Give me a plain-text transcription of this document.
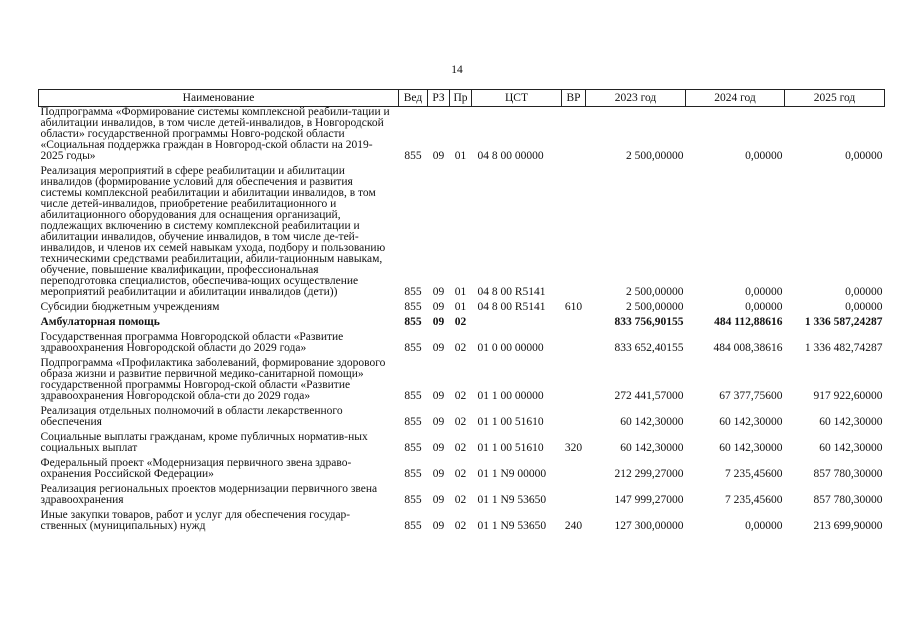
14
Наименование	Вед	РЗ	Пр	ЦСТ	ВР	2023 год	2024 год	2025 год
Подпрограмма «Формирование системы комплексной реабили-тации и абилитации инвалидов, в том числе детей-инвалидов, в Новгородской области» государственной программы Новго-родской области «Социальная поддержка граждан в Новгород-ской области на 2019-2025 годы»	855	09	01	04 8 00 00000		2 500,00000	0,00000	0,00000
Реализация мероприятий в сфере реабилитации и абилитации инвалидов (формирование условий для обеспечения и развития системы комплексной реабилитации и абилитации инвалидов, в том числе детей-инвалидов, приобретение реабилитационного и абилитационного оборудования для оснащения организаций, подлежащих включению в систему комплексной реабилитации и абилитации инвалидов, обучение инвалидов, в том числе де-тей-инвалидов, и членов их семей навыкам ухода, подбору и пользованию техническими средствами реабилитации, абили-тационным навыкам, обучение, повышение квалификации, профессиональная переподготовка специалистов, обеспечива-ющих осуществление мероприятий реабилитации и абилитации инвалидов (дети))	855	09	01	04 8 00 R5141		2 500,00000	0,00000	0,00000
Субсидии бюджетным учреждениям	855	09	01	04 8 00 R5141	610	2 500,00000	0,00000	0,00000
Амбулаторная помощь	855	09	02			833 756,90155	484 112,88616	1 336 587,24287
Государственная программа Новгородской области «Развитие здравоохранения Новгородской области до 2029 года»	855	09	02	01 0 00 00000		833 652,40155	484 008,38616	1 336 482,74287
Подпрограмма «Профилактика заболеваний, формирование здорового образа жизни и развитие первичной медико-санитарной помощи» государственной программы Новгород-ской области «Развитие здравоохранения Новгородской обла-сти до 2029 года»	855	09	02	01 1 00 00000		272 441,57000	67 377,75600	917 922,60000
Реализация отдельных полномочий в области лекарственного обеспечения	855	09	02	01 1 00 51610		60 142,30000	60 142,30000	60 142,30000
Социальные выплаты гражданам, кроме публичных норматив-ных социальных выплат	855	09	02	01 1 00 51610	320	60 142,30000	60 142,30000	60 142,30000
Федеральный проект «Модернизация первичного звена здраво-охранения Российской Федерации»	855	09	02	01 1 N9 00000		212 299,27000	7 235,45600	857 780,30000
Реализация региональных проектов модернизации первичного звена здравоохранения	855	09	02	01 1 N9 53650		147 999,27000	7 235,45600	857 780,30000
Иные закупки товаров, работ и услуг для обеспечения государ-ственных (муниципальных) нужд	855	09	02	01 1 N9 53650	240	127 300,00000	0,00000	213 699,90000
